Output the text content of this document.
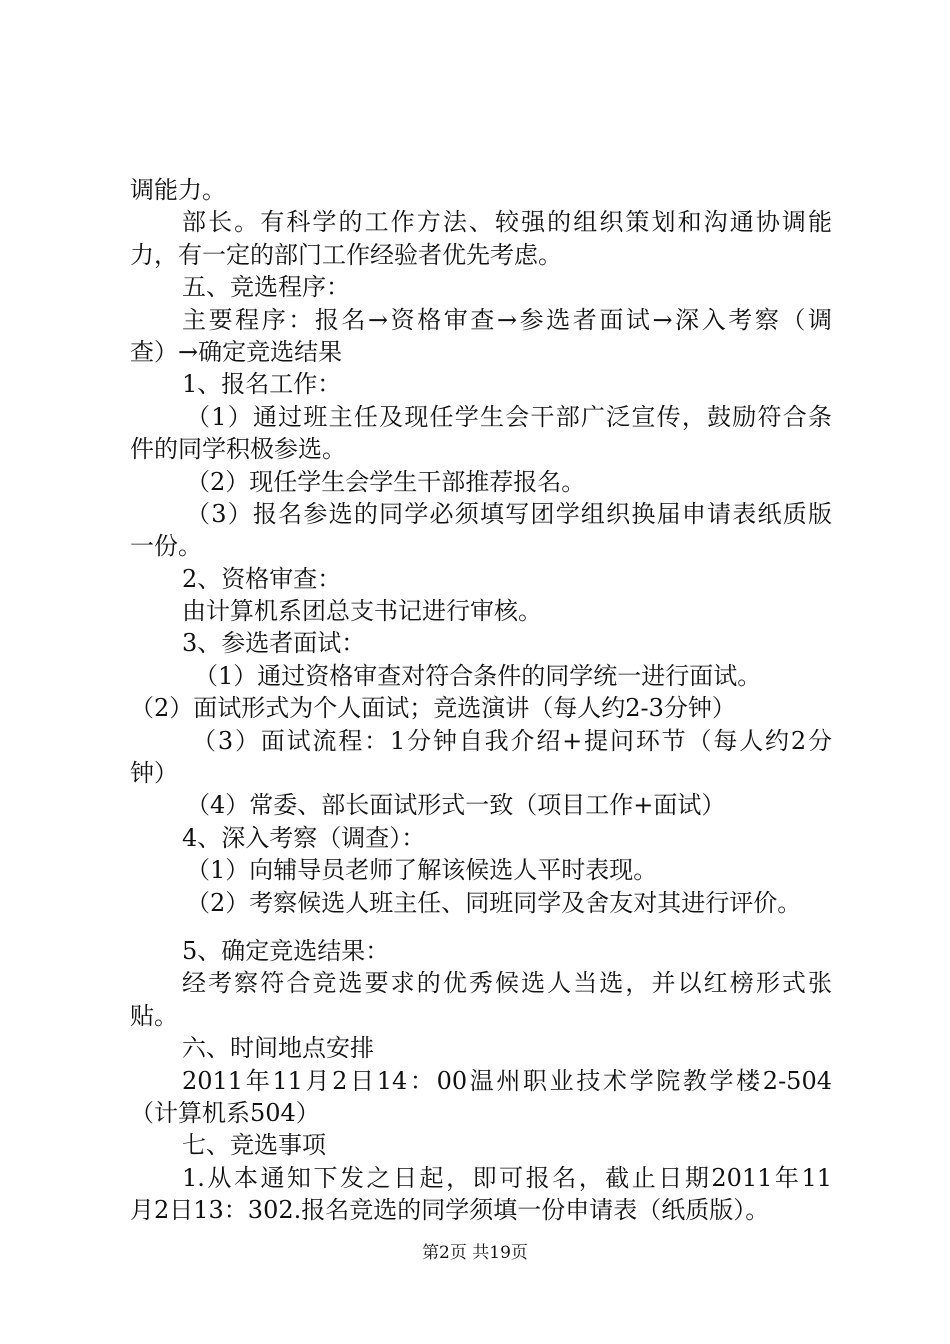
调能力。
部长。有科学的工作方法、较强的组织策划和沟通协调能
力，有一定的部门工作经验者优先考虑。
五、竞选程序：
主要程序：报名→资格审查→参选者面试→深入考察（调
查）→确定竞选结果
1、报名工作：
（1）通过班主任及现任学生会干部广泛宣传，鼓励符合条
件的同学积极参选。
（2）现任学生会学生干部推荐报名。
（3）报名参选的同学必须填写团学组织换届申请表纸质版
一份。
2、资格审查：
由计算机系团总支书记进行审核。
3、参选者面试：
（1）通过资格审查对符合条件的同学统一进行面试。
（2）面试形式为个人面试；竞选演讲（每人约2-3分钟）
（3）面试流程：1分钟自我介绍+提问环节（每人约2分
钟）
（4）常委、部长面试形式一致（项目工作+面试）
4、深入考察（调查）：
（1）向辅导员老师了解该候选人平时表现。
（2）考察候选人班主任、同班同学及舍友对其进行评价。
5、确定竞选结果：
经考察符合竞选要求的优秀候选人当选，并以红榜形式张
贴。
六、时间地点安排
2011年11月2日14：00温州职业技术学院教学楼2-504
（计算机系504）
七、竞选事项
1.从本通知下发之日起，即可报名，截止日期2011年11
月2日13：302.报名竞选的同学须填一份申请表（纸质版）。
第2页 共19页
